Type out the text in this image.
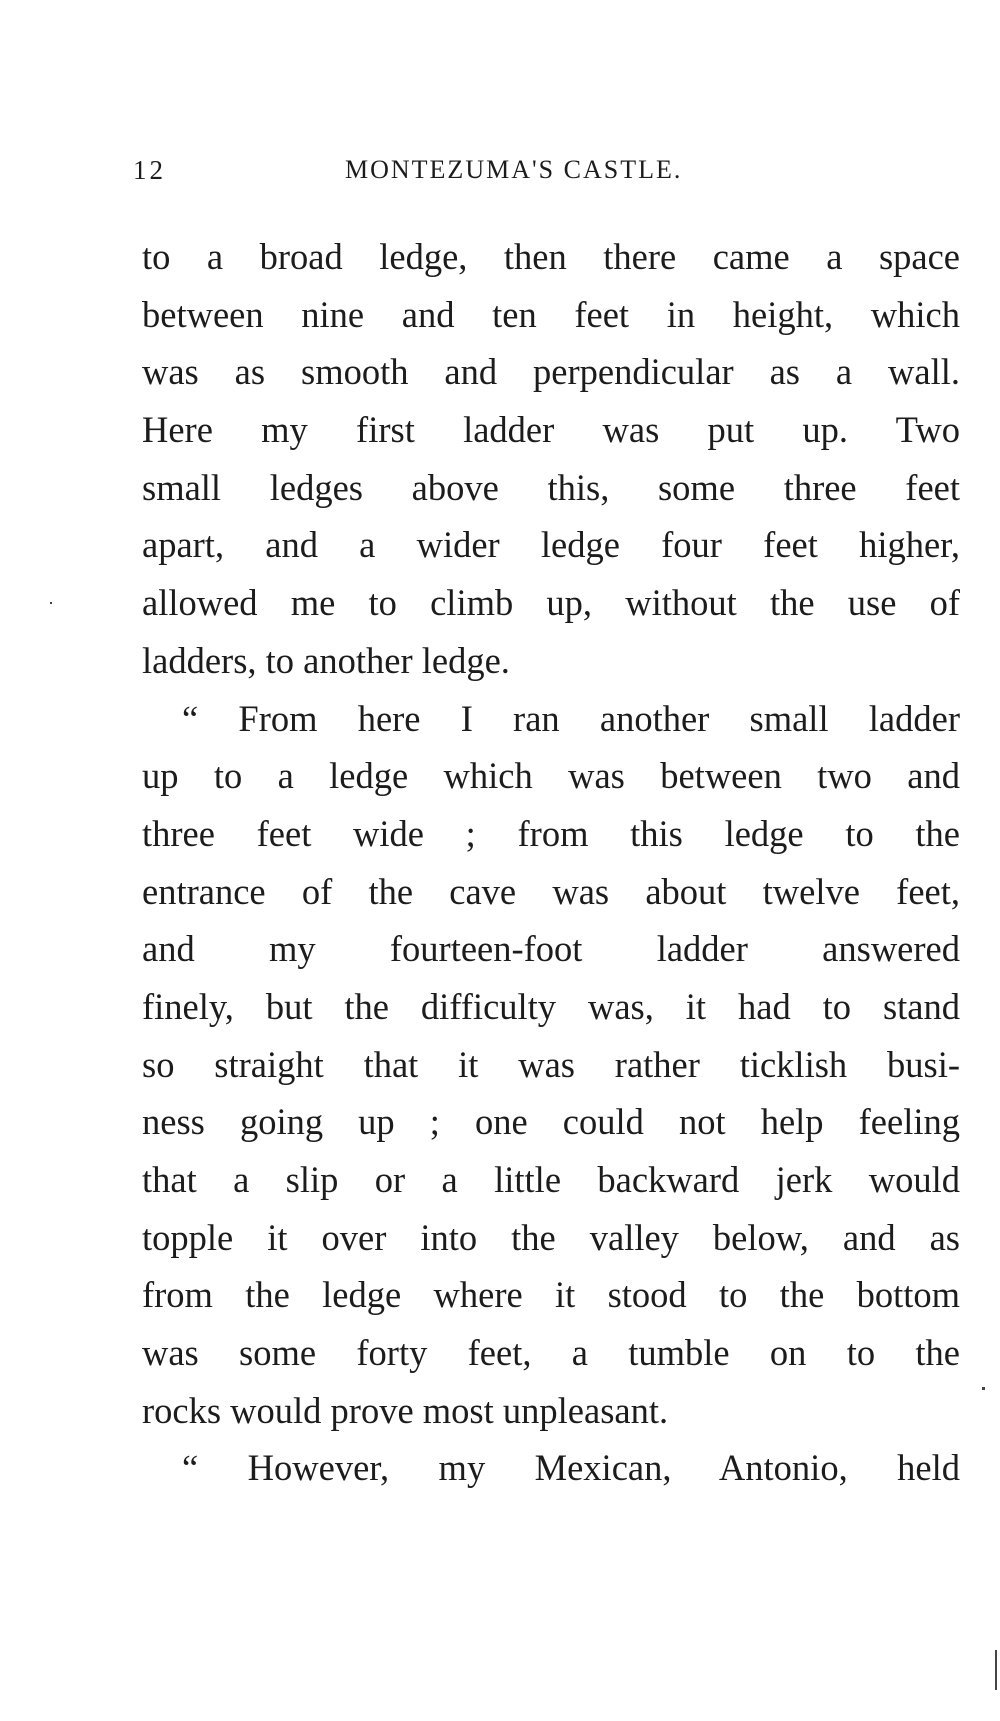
12	MONTEZUMA'S CASTLE.
to a broad ledge, then there came a space
between nine and ten feet in height, which
was as smooth and perpendicular as a wall.
Here my first ladder was put up. Two
small ledges above this, some three feet
apart, and a wider ledge four feet higher,
allowed me to climb up, without the use of
ladders, to another ledge.
“ From here I ran another small ladder
up to a ledge which was between two and
three feet wide ; from this ledge to the
entrance of the cave was about twelve feet,
and my fourteen-foot ladder answered
finely, but the difficulty was, it had to stand
so straight that it was rather ticklish busi-
ness going up ; one could not help feeling
that a slip or a little backward jerk would
topple it over into the valley below, and as
from the ledge where it stood to the bottom
was some forty feet, a tumble on to the
rocks would prove most unpleasant.
“ However, my Mexican, Antonio, held
